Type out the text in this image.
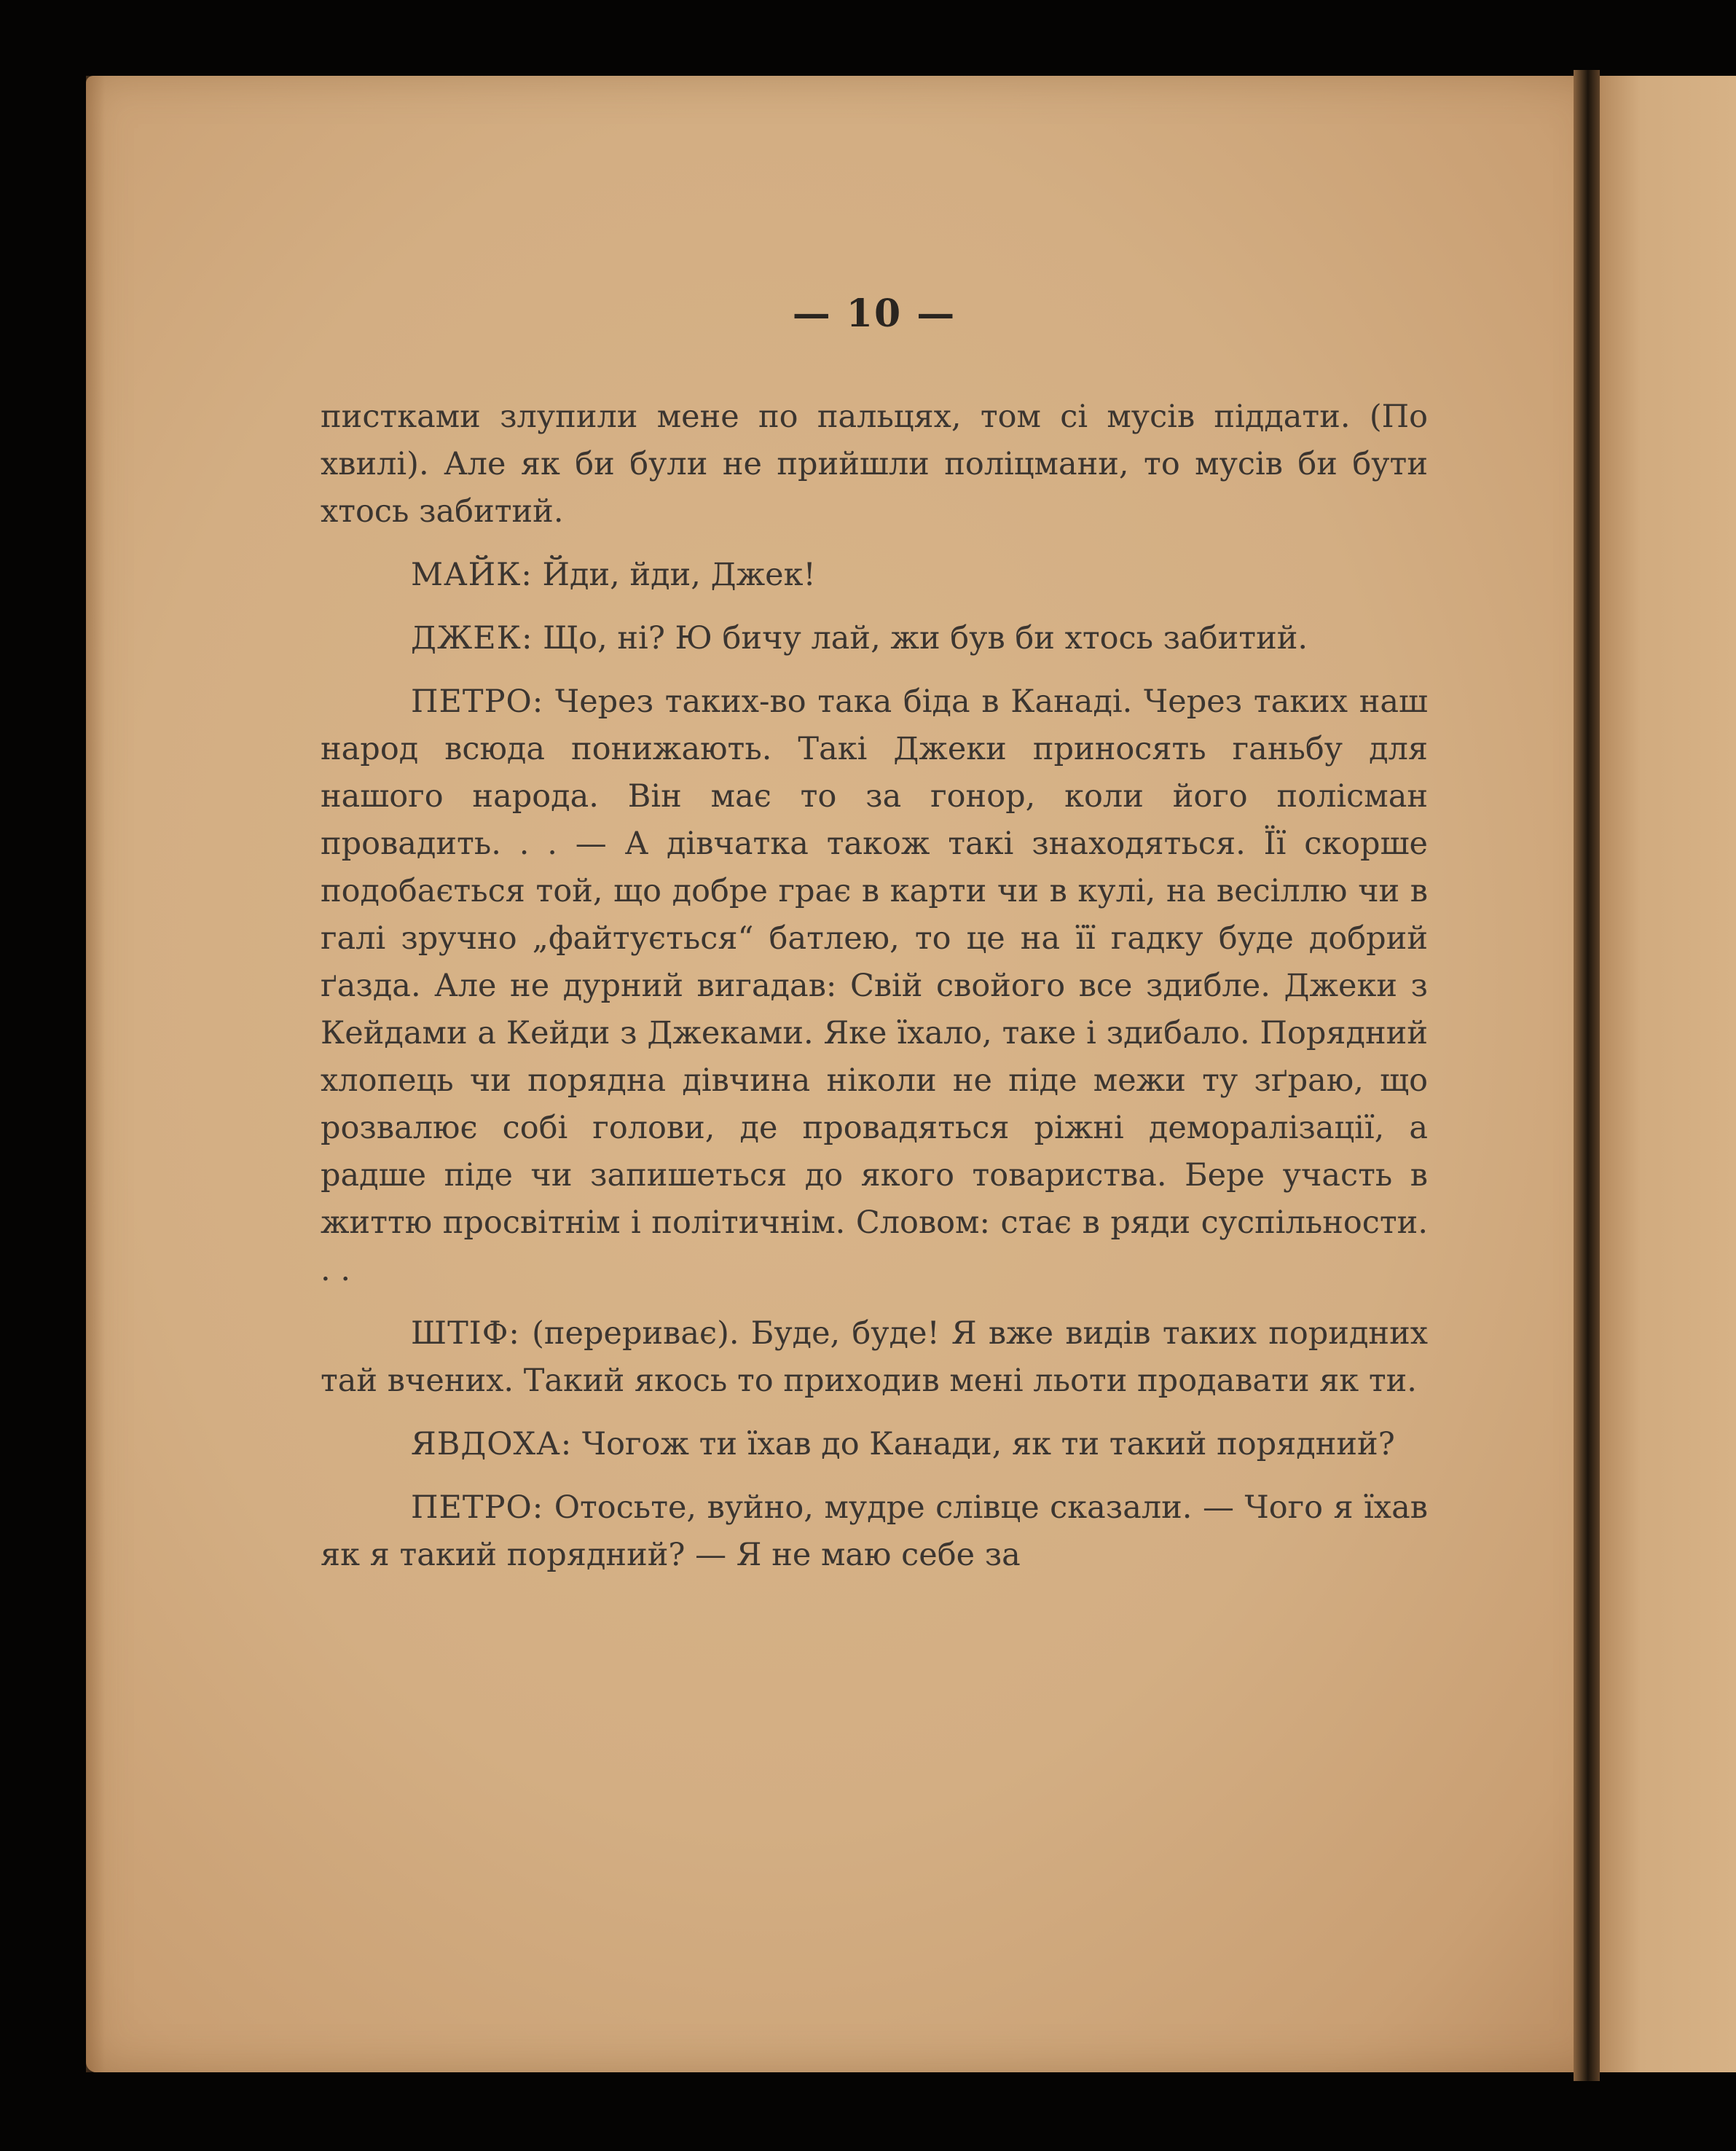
— 10 —

пистками злупили мене по пальцях, том сі мусів піддати. (По хвилі). Але як би були не прийшли поліцмани, то мусів би бути хтось забитий.

МАЙК: Йди, йди, Джек!

ДЖЕК: Що, ні? Ю бичу лай, жи був би хтось забитий.

ПЕТРО: Через таких-во така біда в Канаді. Через таких наш народ всюда понижають. Такі Джеки приносять ганьбу для нашого народа. Він має то за гонор, коли його полісман провадить. . . — А дівчатка також такі знаходяться. Її скорше подобається той, що добре грає в карти чи в кулі, на весіллю чи в галі зручно „файтується“ батлею, то це на її гадку буде добрий ґазда. Але не дурний вигадав: Свій свойого все здибле. Джеки з Кейдами а Кейди з Джеками. Яке їхало, таке і здибало. Порядний хлопець чи порядна дівчина ніколи не піде межи ту зґраю, що розвалює собі голови, де провадяться ріжні деморалізації, а радше піде чи запишеться до якого товариства. Бере участь в життю просвітнім і політичнім. Словом: стає в ряди суспільности. . .

ШТІФ: (перериває). Буде, буде! Я вже видів таких поридних тай вчених. Такий якось то приходив мені льоти продавати як ти.

ЯВДОХА: Чогож ти їхав до Канади, як ти такий порядний?

ПЕТРО: Отосьте, вуйно, мудре слівце сказали. — Чого я їхав як я такий порядний? — Я не маю себе за
